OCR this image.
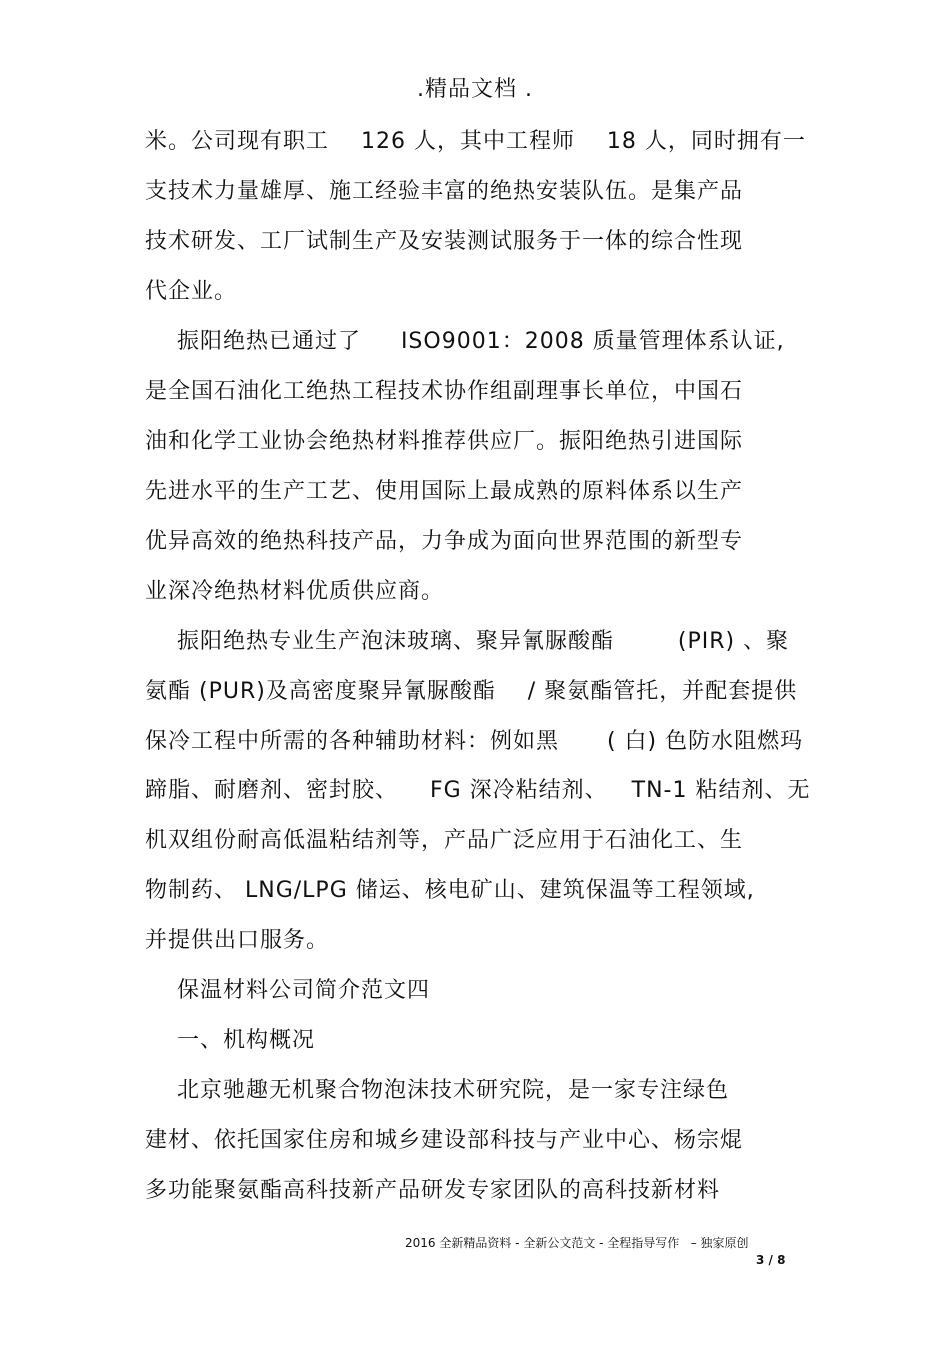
.精品文档 .
米。公司现有职工    126 人，其中工程师    18 人，同时拥有一
支技术力量雄厚、施工经验丰富的绝热安装队伍。是集产品
技术研发、工厂试制生产及安装测试服务于一体的综合性现
代企业。
振阳绝热已通过了     ISO9001：2008 质量管理体系认证,
是全国石油化工绝热工程技术协作组副理事长单位，中国石
油和化学工业协会绝热材料推荐供应厂。振阳绝热引进国际
先进水平的生产工艺、使用国际上最成熟的原料体系以生产
优异高效的绝热科技产品，力争成为面向世界范围的新型专
业深冷绝热材料优质供应商。
振阳绝热专业生产泡沫玻璃、聚异氰脲酸酯        (PIR) 、聚
氨酯 (PUR)及高密度聚异氰脲酸酯    / 聚氨酯管托，并配套提供
保冷工程中所需的各种辅助材料：例如黑      ( 白) 色防水阻燃玛
蹄脂、耐磨剂、密封胶、    FG 深冷粘结剂、   TN-1 粘结剂、无
机双组份耐高低温粘结剂等，产品广泛应用于石油化工、生
物制药、 LNG/LPG 储运、核电矿山、建筑保温等工程领域,
并提供出口服务。
保温材料公司简介范文四
一、机构概况
北京驰趣无机聚合物泡沫技术研究院，是一家专注绿色
建材、依托国家住房和城乡建设部科技与产业中心、杨宗焜
多功能聚氨酯高科技新产品研发专家团队的高科技新材料
2016 全新精品资料 - 全新公文范文 - 全程指导写作   – 独家原创
3 / 8
